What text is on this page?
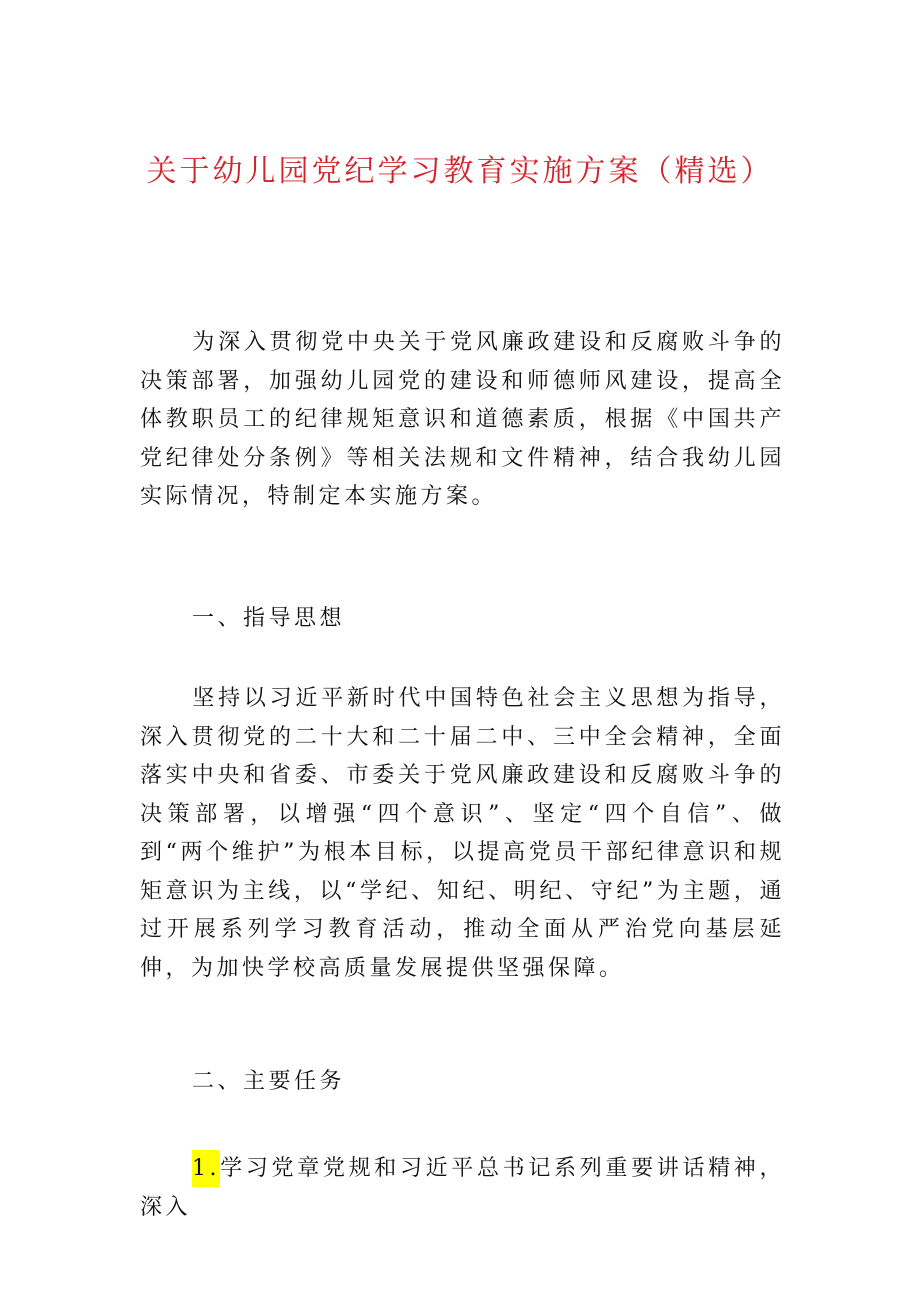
关于幼儿园党纪学习教育实施方案（精选）
为深入贯彻党中央关于党风廉政建设和反腐败斗争的决策部署，加强幼儿园党的建设和师德师风建设，提高全体教职员工的纪律规矩意识和道德素质，根据《中国共产党纪律处分条例》等相关法规和文件精神，结合我幼儿园实际情况，特制定本实施方案。
一、指导思想
坚持以习近平新时代中国特色社会主义思想为指导，深入贯彻党的二十大和二十届二中、三中全会精神，全面落实中央和省委、市委关于党风廉政建设和反腐败斗争的决策部署，以增强“四个意识”、坚定“四个自信”、做到“两个维护”为根本目标，以提高党员干部纪律意识和规矩意识为主线，以“学纪、知纪、明纪、守纪”为主题，通过开展系列学习教育活动，推动全面从严治党向基层延伸，为加快学校高质量发展提供坚强保障。
二、主要任务
1.学习党章党规和习近平总书记系列重要讲话精神，深入
